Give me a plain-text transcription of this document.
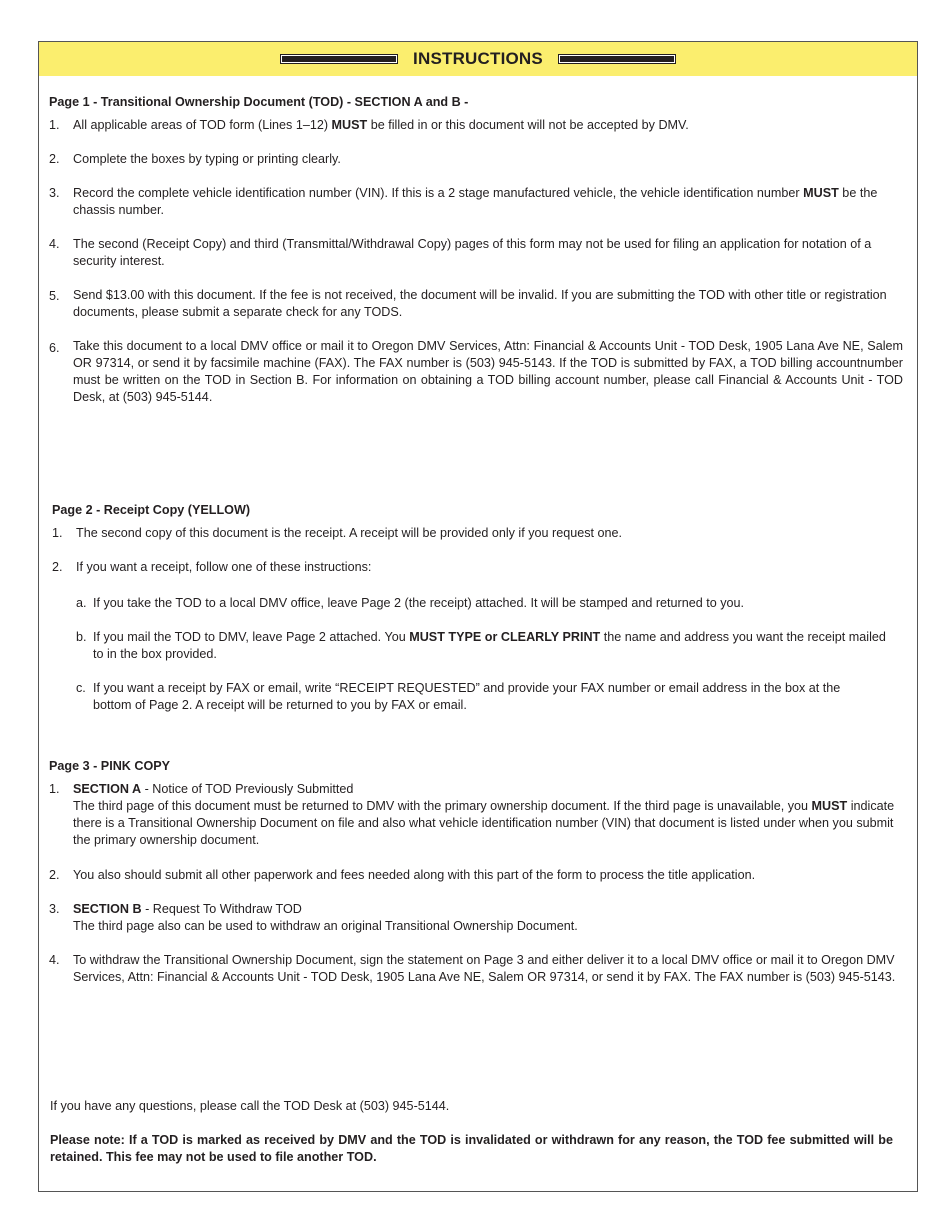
INSTRUCTIONS

Page 1 - Transitional Ownership Document (TOD) - SECTION A and B -

1. All applicable areas of TOD form (Lines 1–12) MUST be filled in or this document will not be accepted by DMV.

2. Complete the boxes by typing or printing clearly.

3. Record the complete vehicle identification number (VIN). If this is a 2 stage manufactured vehicle, the vehicle identification number MUST be the chassis number.

4. The second (Receipt Copy) and third (Transmittal/Withdrawal Copy) pages of this form may not be used for filing an application for notation of a security interest.

5. Send $13.00 with this document. If the fee is not received, the document will be invalid. If you are submitting the TOD with other title or registration documents, please submit a separate check for any TODS.

6. Take this document to a local DMV office or mail it to Oregon DMV Services, Attn: Financial & Accounts Unit - TOD Desk, 1905 Lana Ave NE, Salem OR 97314, or send it by facsimile machine (FAX). The FAX number is (503) 945-5143. If the TOD is submitted by FAX, a TOD billing accountnumber must be written on the TOD in Section B. For information on obtaining a TOD billing account number, please call Financial & Accounts Unit - TOD Desk, at (503) 945-5144.

Page 2 - Receipt Copy (YELLOW)

1. The second copy of this document is the receipt. A receipt will be provided only if you request one.

2. If you want a receipt, follow one of these instructions:

a. If you take the TOD to a local DMV office, leave Page 2 (the receipt) attached. It will be stamped and returned to you.

b. If you mail the TOD to DMV, leave Page 2 attached. You MUST TYPE or CLEARLY PRINT the name and address you want the receipt mailed to in the box provided.

c. If you want a receipt by FAX or email, write “RECEIPT REQUESTED” and provide your FAX number or email address in the box at the bottom of Page 2. A receipt will be returned to you by FAX or email.

Page 3 - PINK COPY

1. SECTION A - Notice of TOD Previously Submitted
The third page of this document must be returned to DMV with the primary ownership document. If the third page is unavailable, you MUST indicate there is a Transitional Ownership Document on file and also what vehicle identification number (VIN) that document is listed under when you submit the primary ownership document.

2. You also should submit all other paperwork and fees needed along with this part of the form to process the title application.

3. SECTION B - Request To Withdraw TOD
The third page also can be used to withdraw an original Transitional Ownership Document.

4. To withdraw the Transitional Ownership Document, sign the statement on Page 3 and either deliver it to a local DMV office or mail it to Oregon DMV Services, Attn: Financial & Accounts Unit - TOD Desk, 1905 Lana Ave NE, Salem OR 97314, or send it by FAX. The FAX number is (503) 945-5143.

If you have any questions, please call the TOD Desk at (503) 945-5144.

Please note: If a TOD is marked as received by DMV and the TOD is invalidated or withdrawn for any reason, the TOD fee submitted will be retained. This fee may not be used to file another TOD.
